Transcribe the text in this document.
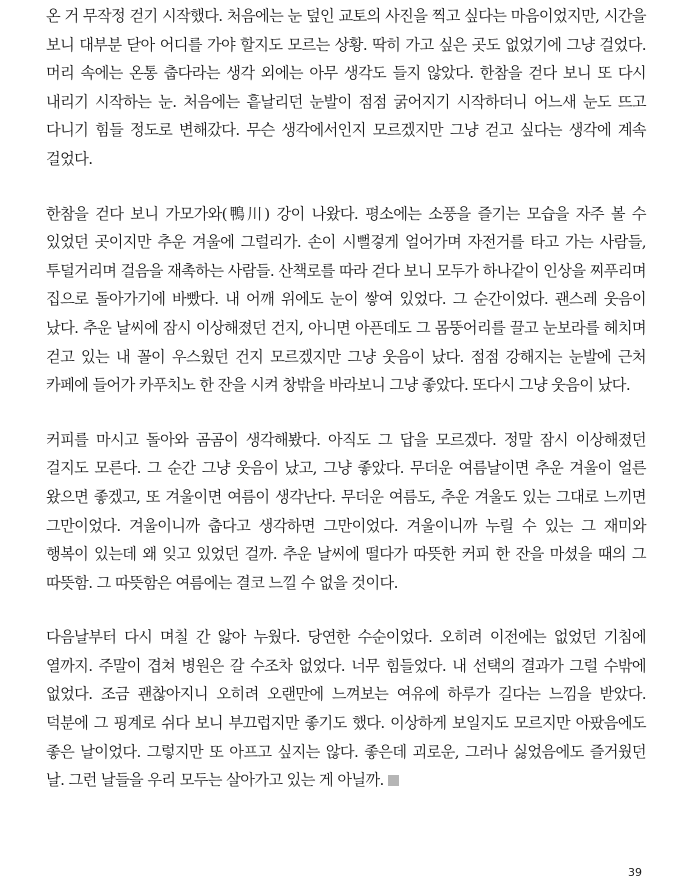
온 거 무작정 걷기 시작했다. 처음에는 눈 덮인 교토의 사진을 찍고 싶다는 마음이었지만, 시간을 보니 대부분 닫아 어디를 가야 할지도 모르는 상황. 딱히 가고 싶은 곳도 없었기에 그냥 걸었다. 머리 속에는 온통 춥다라는 생각 외에는 아무 생각도 들지 않았다. 한참을 걷다 보니 또 다시 내리기 시작하는 눈. 처음에는 흩날리던 눈발이 점점 굵어지기 시작하더니 어느새 눈도 뜨고 다니기 힘들 정도로 변해갔다. 무슨 생각에서인지 모르겠지만 그냥 걷고 싶다는 생각에 계속 걸었다.

한참을 걷다 보니 가모가와(鴨川) 강이 나왔다. 평소에는 소풍을 즐기는 모습을 자주 볼 수 있었던 곳이지만 추운 겨울에 그럴리가. 손이 시뻘겋게 얼어가며 자전거를 타고 가는 사람들, 투덜거리며 걸음을 재촉하는 사람들. 산책로를 따라 걷다 보니 모두가 하나같이 인상을 찌푸리며 집으로 돌아가기에 바빴다. 내 어깨 위에도 눈이 쌓여 있었다. 그 순간이었다. 괜스레 웃음이 났다. 추운 날씨에 잠시 이상해졌던 건지, 아니면 아픈데도 그 몸뚱어리를 끌고 눈보라를 헤치며 걷고 있는 내 꼴이 우스웠던 건지 모르겠지만 그냥 웃음이 났다. 점점 강해지는 눈발에 근처 카페에 들어가 카푸치노 한 잔을 시켜 창밖을 바라보니 그냥 좋았다. 또다시 그냥 웃음이 났다.

커피를 마시고 돌아와 곰곰이 생각해봤다. 아직도 그 답을 모르겠다. 정말 잠시 이상해졌던 걸지도 모른다. 그 순간 그냥 웃음이 났고, 그냥 좋았다. 무더운 여름날이면 추운 겨울이 얼른 왔으면 좋겠고, 또 겨울이면 여름이 생각난다. 무더운 여름도, 추운 겨울도 있는 그대로 느끼면 그만이었다. 겨울이니까 춥다고 생각하면 그만이었다. 겨울이니까 누릴 수 있는 그 재미와 행복이 있는데 왜 잊고 있었던 걸까. 추운 날씨에 떨다가 따뜻한 커피 한 잔을 마셨을 때의 그 따뜻함. 그 따뜻함은 여름에는 결코 느낄 수 없을 것이다.

다음날부터 다시 며칠 간 앓아 누웠다. 당연한 수순이었다. 오히려 이전에는 없었던 기침에 열까지. 주말이 겹쳐 병원은 갈 수조차 없었다. 너무 힘들었다. 내 선택의 결과가 그럴 수밖에 없었다. 조금 괜찮아지니 오히려 오랜만에 느껴보는 여유에 하루가 길다는 느낌을 받았다. 덕분에 그 핑계로 쉬다 보니 부끄럽지만 좋기도 했다. 이상하게 보일지도 모르지만 아팠음에도 좋은 날이었다. 그렇지만 또 아프고 싶지는 않다. 좋은데 괴로운, 그러나 싫었음에도 즐거웠던 날. 그런 날들을 우리 모두는 살아가고 있는 게 아닐까.

39
